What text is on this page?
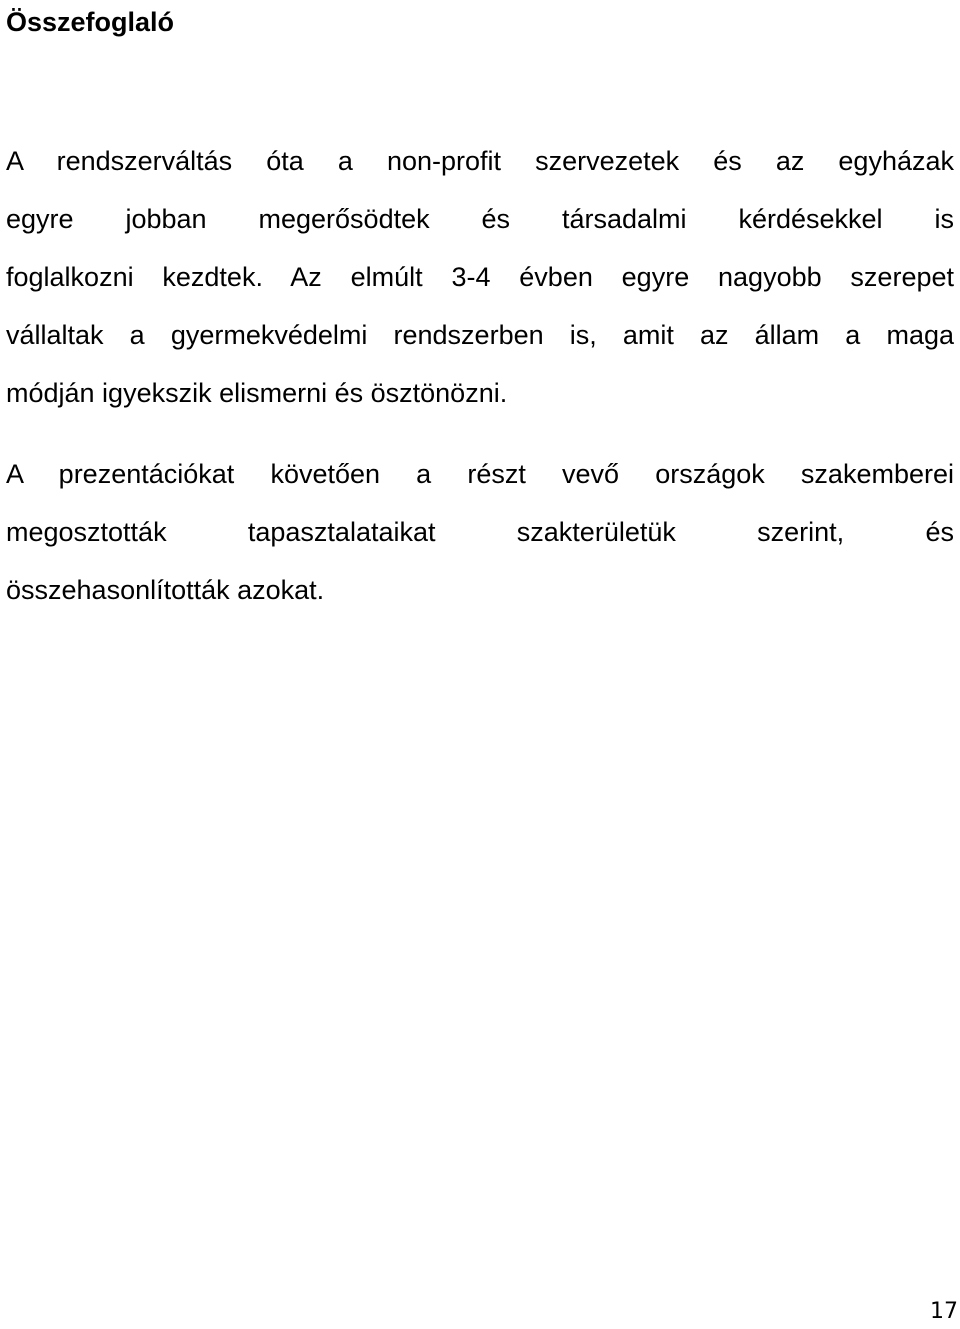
Összefoglaló
A rendszerváltás óta a non-profit szervezetek és az egyházak
egyre jobban megerősödtek és társadalmi kérdésekkel is
foglalkozni kezdtek. Az elmúlt 3-4 évben egyre nagyobb szerepet
vállaltak a gyermekvédelmi rendszerben is, amit az állam a maga
módján igyekszik elismerni és ösztönözni.
A prezentációkat követően a részt vevő országok szakemberei
megosztották tapasztalataikat szakterületük szerint, és
összehasonlították azokat.
17
